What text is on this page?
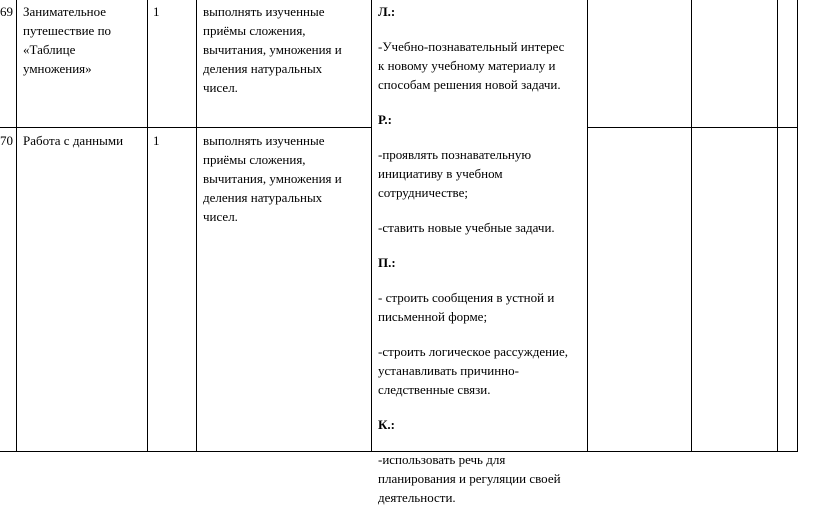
69 Занимательное
путешествие по
«Таблице
умножения»
1	выполнять изученные
приёмы сложения,
вычитания, умножения и
деления натуральных
чисел.
70 Работа с данными 1	выполнять изученные
приёмы сложения,
вычитания, умножения и
деления натуральных
чисел.
Л.:
-Учебно-познавательный интерес
к новому учебному материалу и
способам решения новой задачи.
Р.:
-проявлять познавательную
инициативу в учебном
сотрудничестве;
-ставить новые учебные задачи.
П.:
- строить сообщения в устной и
письменной форме;
-строить логическое рассуждение,
устанавливать причинно-
следственные связи.
К.:
-использовать речь для
планирования и регуляции своей
деятельности.
